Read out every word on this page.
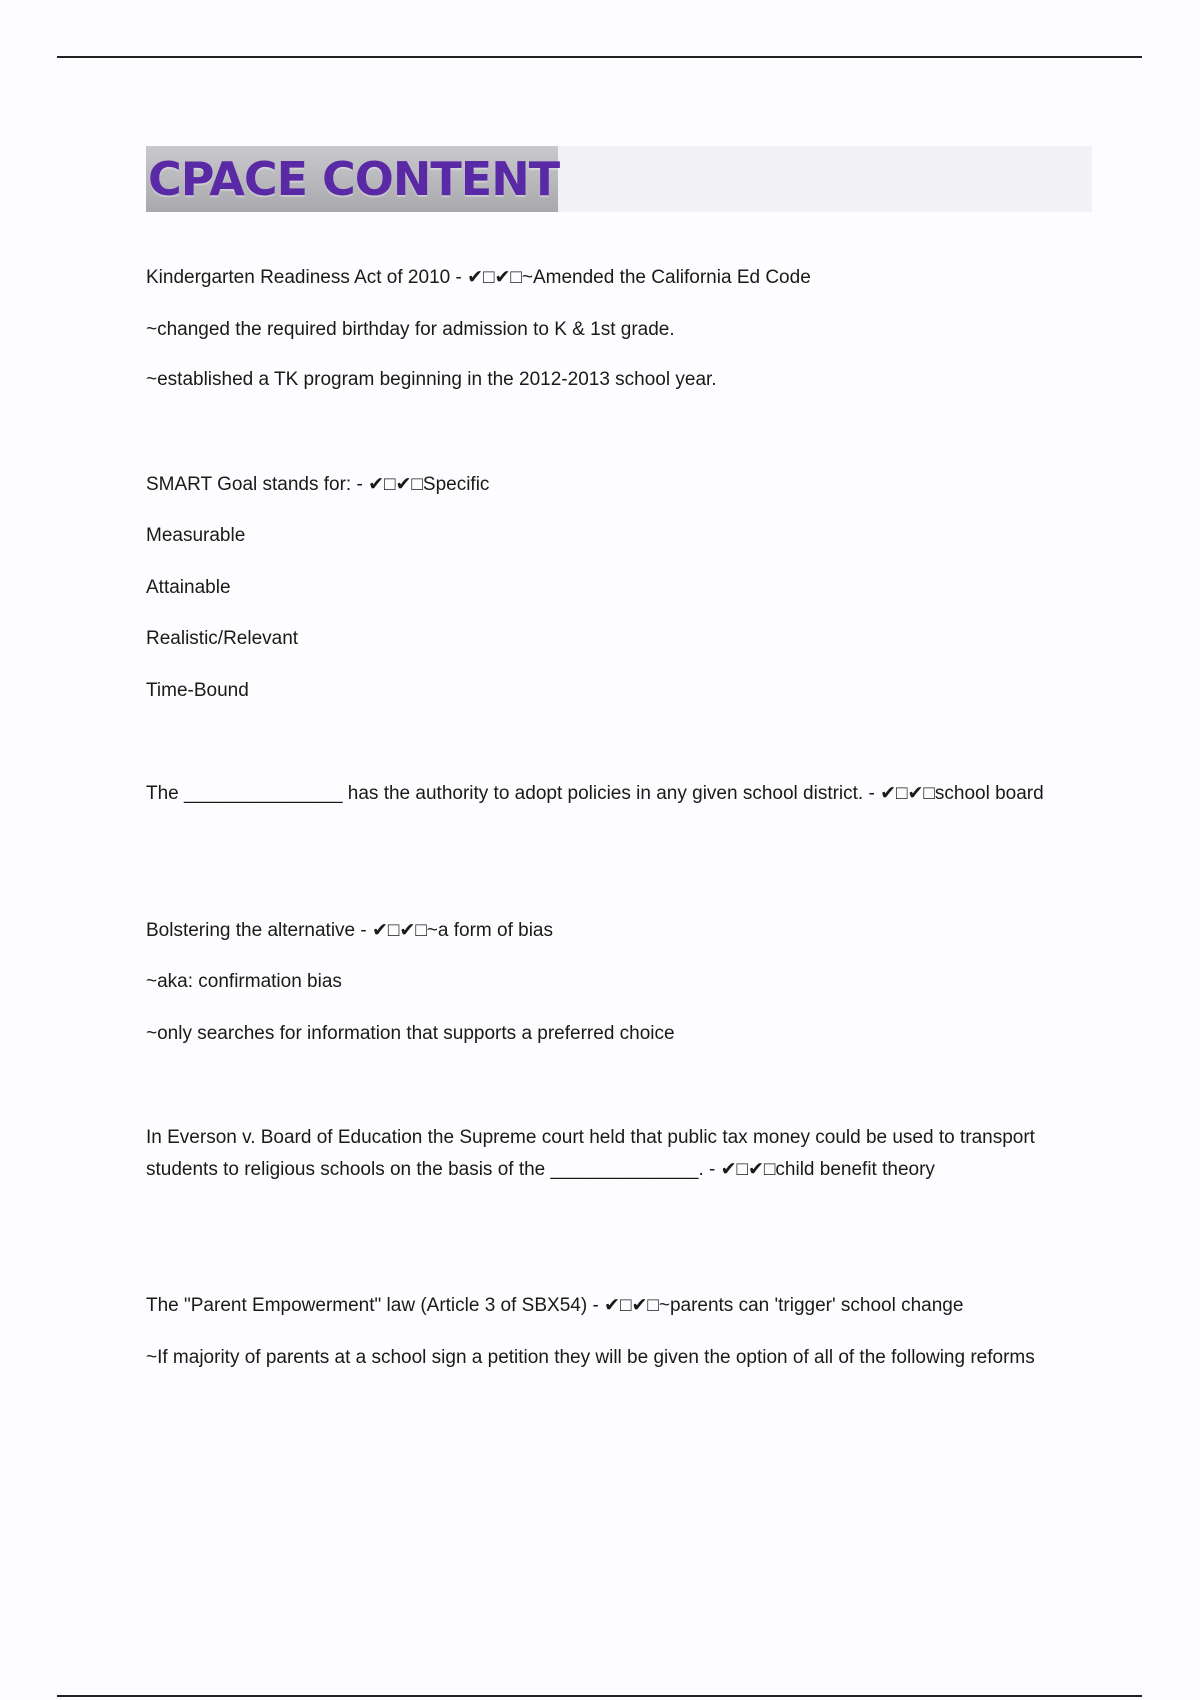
CPACE CONTENT
Kindergarten Readiness Act of 2010 - ✔□✔□~Amended the California Ed Code
~changed the required birthday for admission to K & 1st grade.
~established a TK program beginning in the 2012-2013 school year.
SMART Goal stands for: - ✔□✔□Specific
Measurable
Attainable
Realistic/Relevant
Time-Bound
The _______________ has the authority to adopt policies in any given school district. - ✔□✔□school board
Bolstering the alternative - ✔□✔□~a form of bias
~aka: confirmation bias
~only searches for information that supports a preferred choice
In Everson v. Board of Education the Supreme court held that public tax money could be used to transport students to religious schools on the basis of the ______________. - ✔□✔□child benefit theory
The "Parent Empowerment" law (Article 3 of SBX54) - ✔□✔□~parents can 'trigger' school change
~If majority of parents at a school sign a petition they will be given the option of all of the following reforms
